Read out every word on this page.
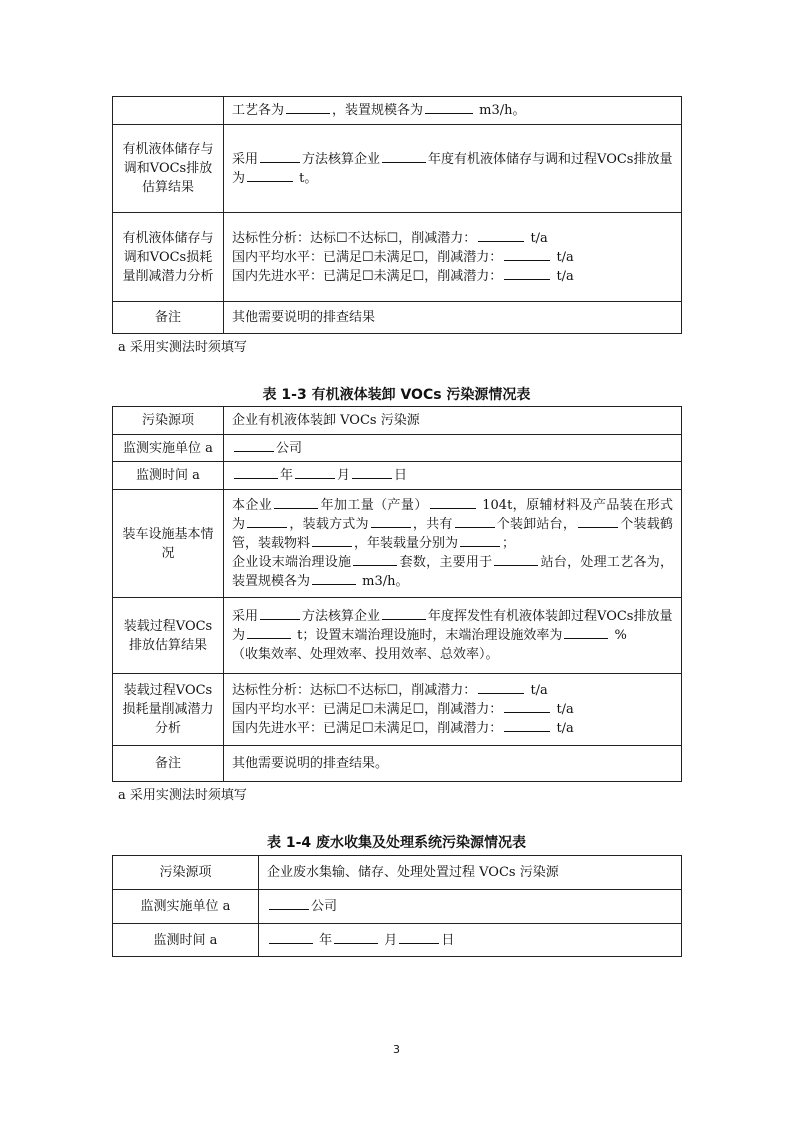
	工艺各为 ，装置规模各为 m3/h。
有机液体储存与调和VOCs排放估算结果	采用 方法核算企业 年度有机液体储存与调和过程VOCs排放量为 t。
有机液体储存与调和VOCs损耗量削减潜力分析	达标性分析：达标☐不达标☐，削减潜力： t/a
国内平均水平：已满足☐未满足☐，削减潜力： t/a
国内先进水平：已满足☐未满足☐，削减潜力： t/a

备注	其他需要说明的排查结果
a 采用实测法时须填写
表 1-3 有机液体装卸 VOCs 污染源情况表
污染源项	企业有机液体装卸 VOCs 污染源
监测实施单位 a	公司
监测时间 a	年 月 日
装车设施基本情况	本企业 年加工量（产量） 104t，原辅材料及产品装在形式为 ，装载方式为 ，共有 个装卸站台， 个装载鹤管，装载物料 ，年装载量分别为 ；
企业设末端治理设施 套数，主要用于 站台，处理工艺各为，装置规模各为 m3/h。
装载过程VOCs排放估算结果	采用 方法核算企业 年度挥发性有机液体装卸过程VOCs排放量为 t；设置末端治理设施时，末端治理设施效率为 %
（收集效率、处理效率、投用效率、总效率）。
装载过程VOCs损耗量削减潜力分析	达标性分析：达标☐不达标☐，削减潜力： t/a
国内平均水平：已满足☐未满足☐，削减潜力： t/a
国内先进水平：已满足☐未满足☐，削减潜力： t/a

备注	其他需要说明的排查结果。
a 采用实测法时须填写
表 1-4 废水收集及处理系统污染源情况表
污染源项	企业废水集输、储存、处理处置过程 VOCs 污染源
监测实施单位 a	公司
监测时间 a	年 月 日
3
